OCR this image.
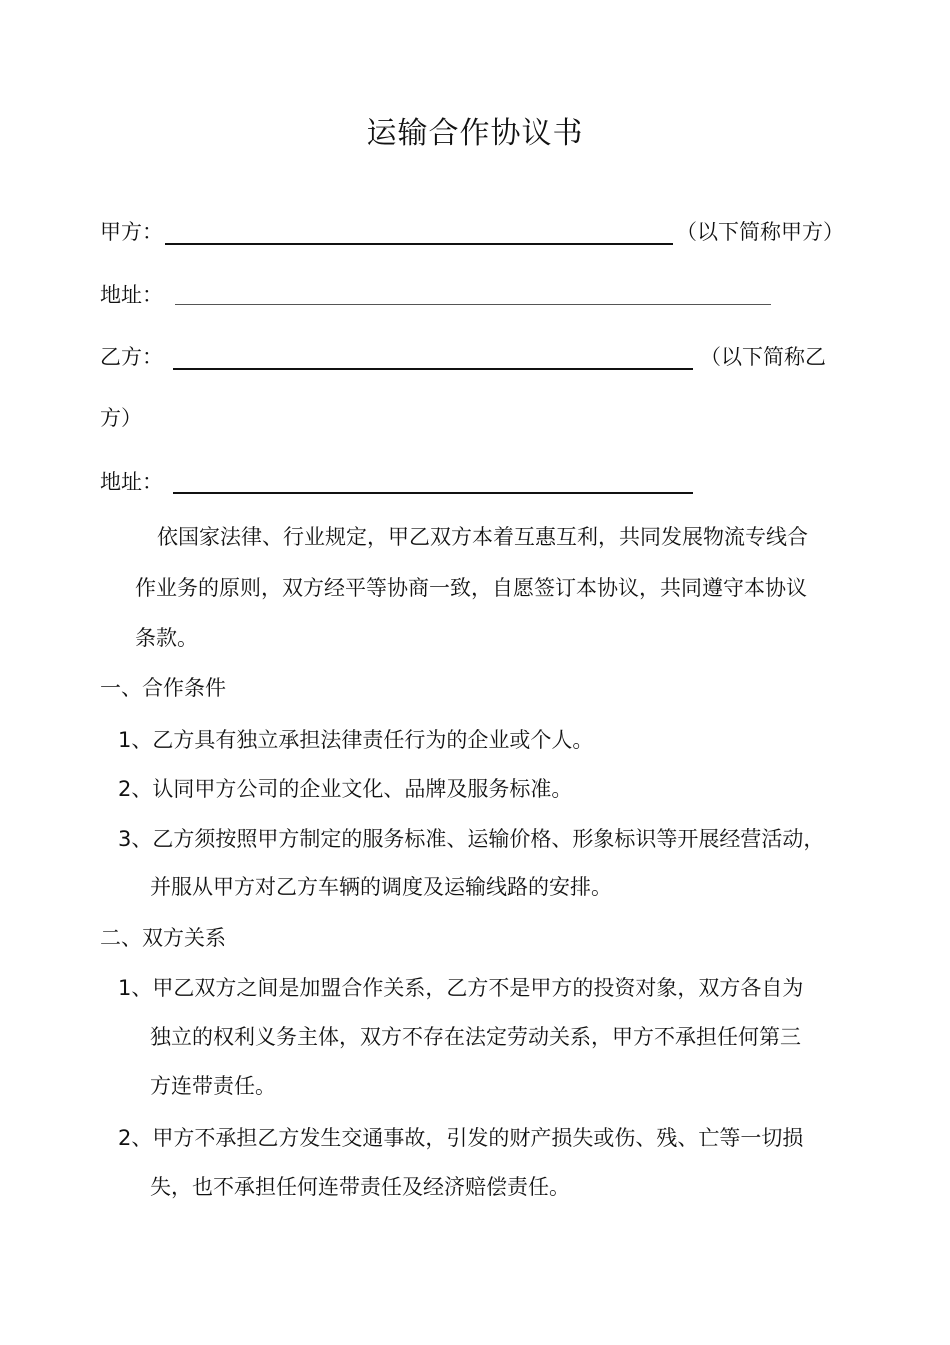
运输合作协议书
甲方：	（以下简称甲方）
地址：
乙方：	（以下简称乙
方）
地址：
依国家法律、行业规定，甲乙双方本着互惠互利，共同发展物流专线合
作业务的原则，双方经平等协商一致，自愿签订本协议，共同遵守本协议
条款。
一、合作条件
1、乙方具有独立承担法律责任行为的企业或个人。
2、认同甲方公司的企业文化、品牌及服务标准。
3、乙方须按照甲方制定的服务标准、运输价格、形象标识等开展经营活动，
并服从甲方对乙方车辆的调度及运输线路的安排。
二、双方关系
1、甲乙双方之间是加盟合作关系，乙方不是甲方的投资对象，双方各自为
独立的权利义务主体，双方不存在法定劳动关系，甲方不承担任何第三
方连带责任。
2、甲方不承担乙方发生交通事故，引发的财产损失或伤、残、亡等一切损
失，也不承担任何连带责任及经济赔偿责任。
